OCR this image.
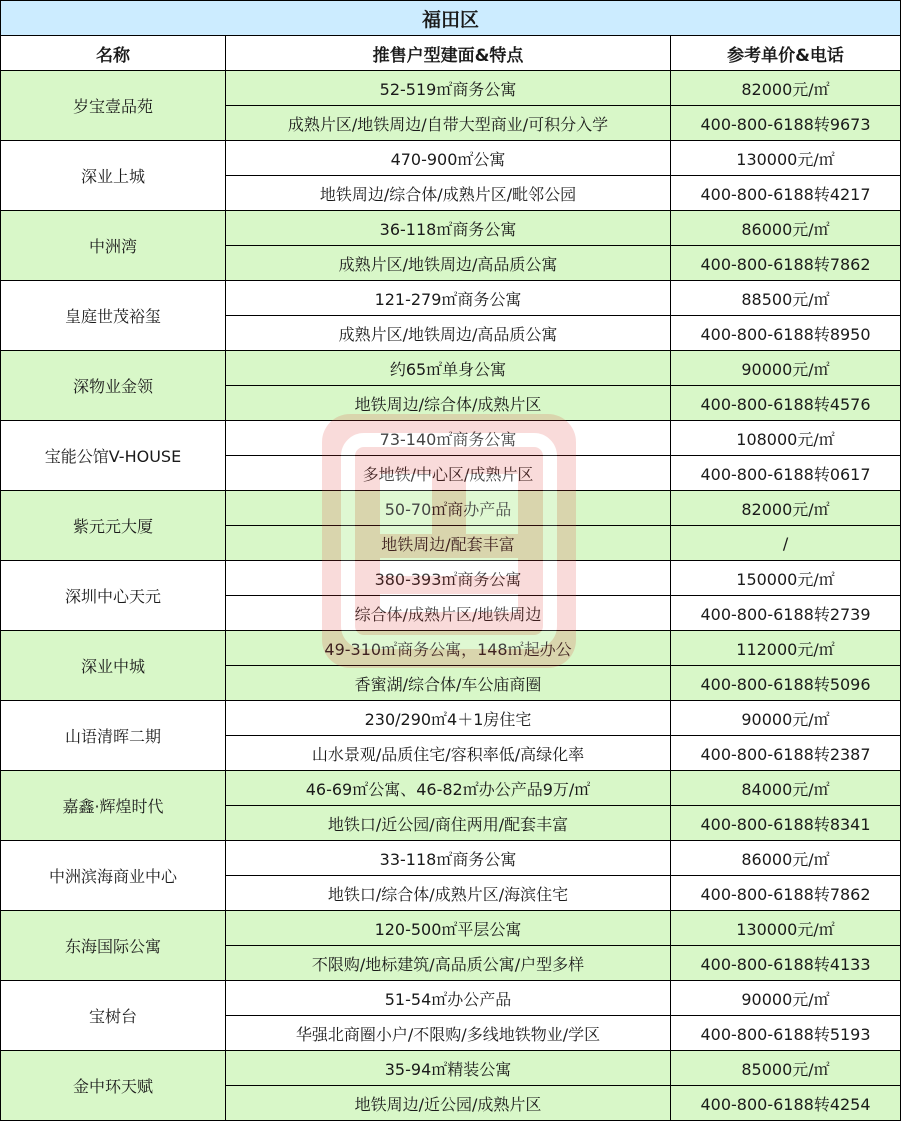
福田区		
名称	推售户型建面&特点	参考单价&电话
岁宝壹品苑	52-519㎡商务公寓	82000元/㎡
	成熟片区/地铁周边/自带大型商业/可积分入学	400-800-6188转9673
深业上城	470-900㎡公寓	130000元/㎡
	地铁周边/综合体/成熟片区/毗邻公园	400-800-6188转4217
中洲湾	36-118㎡商务公寓	86000元/㎡
	成熟片区/地铁周边/高品质公寓	400-800-6188转7862
皇庭世茂裕玺	121-279㎡商务公寓	88500元/㎡
	成熟片区/地铁周边/高品质公寓	400-800-6188转8950
深物业金领	约65㎡单身公寓	90000元/㎡
	地铁周边/综合体/成熟片区	400-800-6188转4576
宝能公馆V-HOUSE	73-140㎡商务公寓	108000元/㎡
	多地铁/中心区/成熟片区	400-800-6188转0617
紫元元大厦	50-70㎡商办产品	82000元/㎡
	地铁周边/配套丰富	/
深圳中心天元	380-393㎡商务公寓	150000元/㎡
	综合体/成熟片区/地铁周边	400-800-6188转2739
深业中城	49-310㎡商务公寓，148㎡起办公	112000元/㎡
	香蜜湖/综合体/车公庙商圈	400-800-6188转5096
山语清晖二期	230/290㎡4＋1房住宅	90000元/㎡
	山水景观/品质住宅/容积率低/高绿化率	400-800-6188转2387
嘉鑫·辉煌时代	46-69㎡公寓、46-82㎡办公产品9万/㎡	84000元/㎡
	地铁口/近公园/商住两用/配套丰富	400-800-6188转8341
中洲滨海商业中心	33-118㎡商务公寓	86000元/㎡
	地铁口/综合体/成熟片区/海滨住宅	400-800-6188转7862
东海国际公寓	120-500㎡平层公寓	130000元/㎡
	不限购/地标建筑/高品质公寓/户型多样	400-800-6188转4133
宝树台	51-54㎡办公产品	90000元/㎡
	华强北商圈小户/不限购/多线地铁物业/学区	400-800-6188转5193
金中环天赋	35-94㎡精装公寓	85000元/㎡
	地铁周边/近公园/成熟片区	400-800-6188转4254
